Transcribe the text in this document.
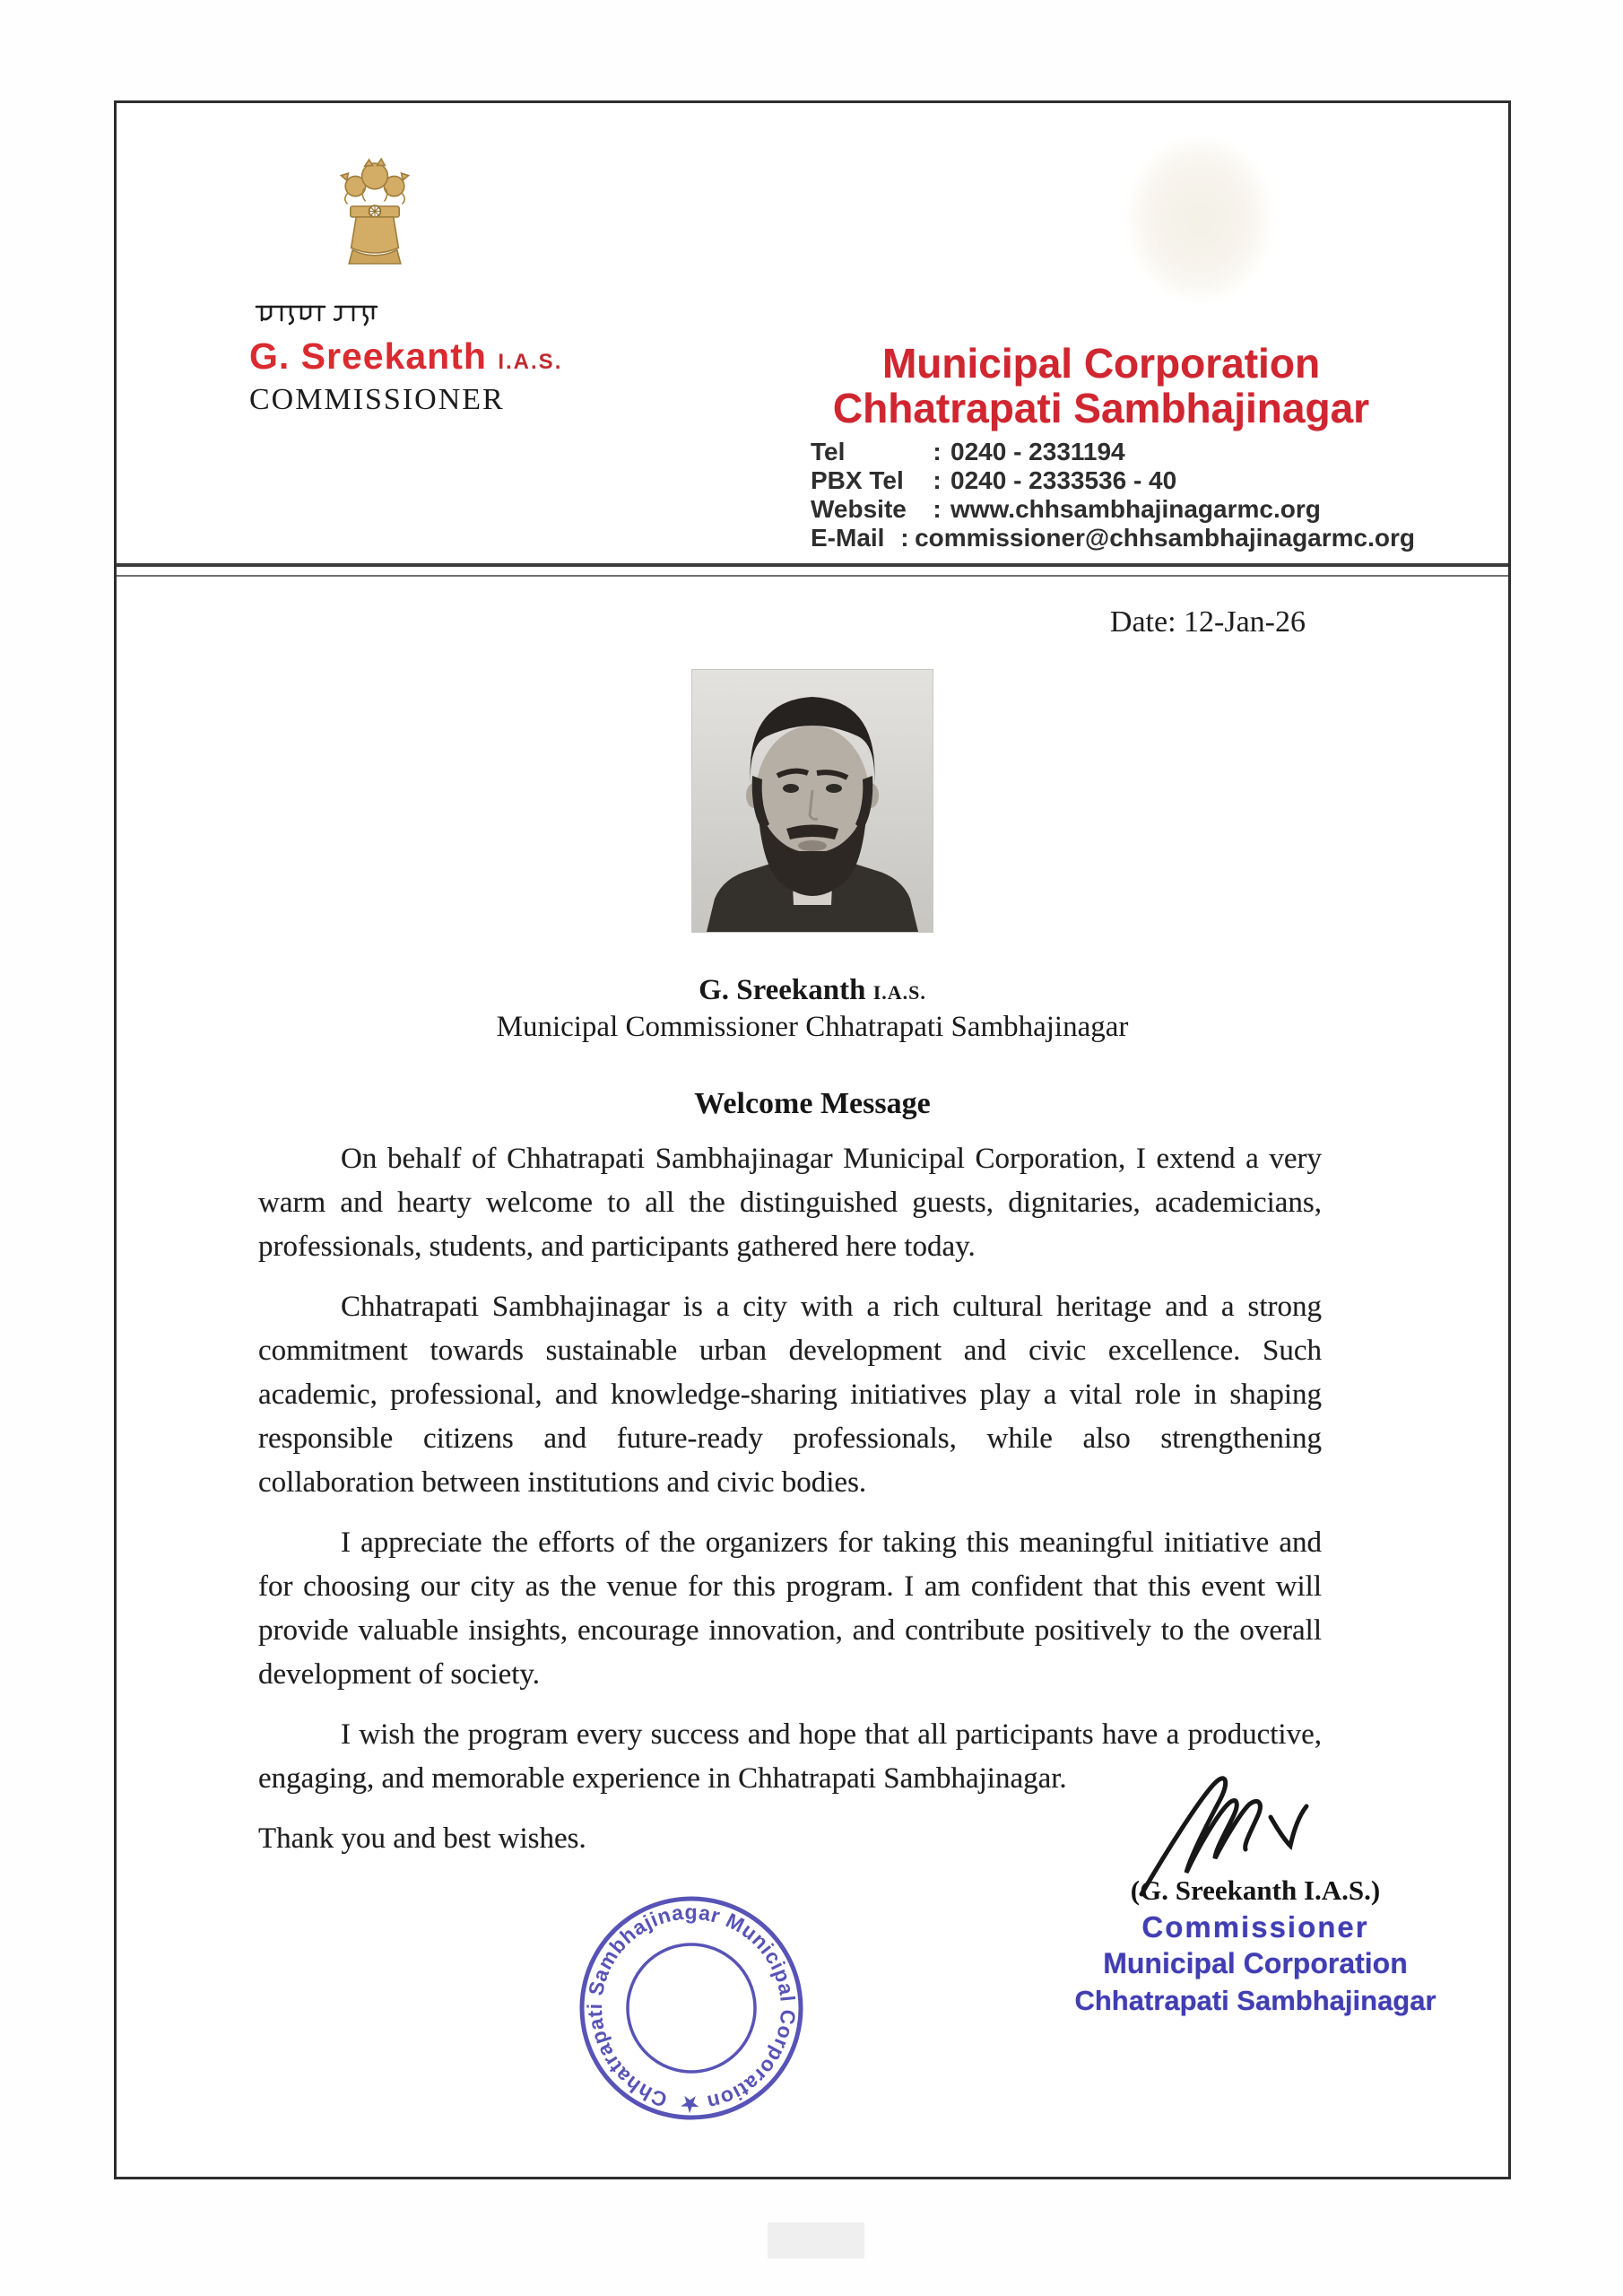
G. Sreekanth I.A.S.
COMMISSIONER
Municipal Corporation
Chhatrapati Sambhajinagar
Tel	: 0240 - 2331194
PBX Tel	: 0240 - 2333536 - 40
Website	: www.chhsambhajinagarmc.org
E-Mail : commissioner@chhsambhajinagarmc.org
Date: 12-Jan-26
G. Sreekanth I.A.S.
Municipal Commissioner Chhatrapati Sambhajinagar
Welcome Message

On behalf of Chhatrapati Sambhajinagar Municipal Corporation, I extend a very warm and hearty welcome to all the distinguished guests, dignitaries, academicians, professionals, students, and participants gathered here today.

Chhatrapati Sambhajinagar is a city with a rich cultural heritage and a strong commitment towards sustainable urban development and civic excellence. Such academic, professional, and knowledge-sharing initiatives play a vital role in shaping responsible citizens and future-ready professionals, while also strengthening collaboration between institutions and civic bodies.

I appreciate the efforts of the organizers for taking this meaningful initiative and for choosing our city as the venue for this program. I am confident that this event will provide valuable insights, encourage innovation, and contribute positively to the overall development of society.

I wish the program every success and hope that all participants have a productive, engaging, and memorable experience in Chhatrapati Sambhajinagar.

Thank you and best wishes.

(G. Sreekanth I.A.S.)
Commissioner
Municipal Corporation
Chhatrapati Sambhajinagar
Chhatrapati Sambhajinagar Municipal Corporation ★
